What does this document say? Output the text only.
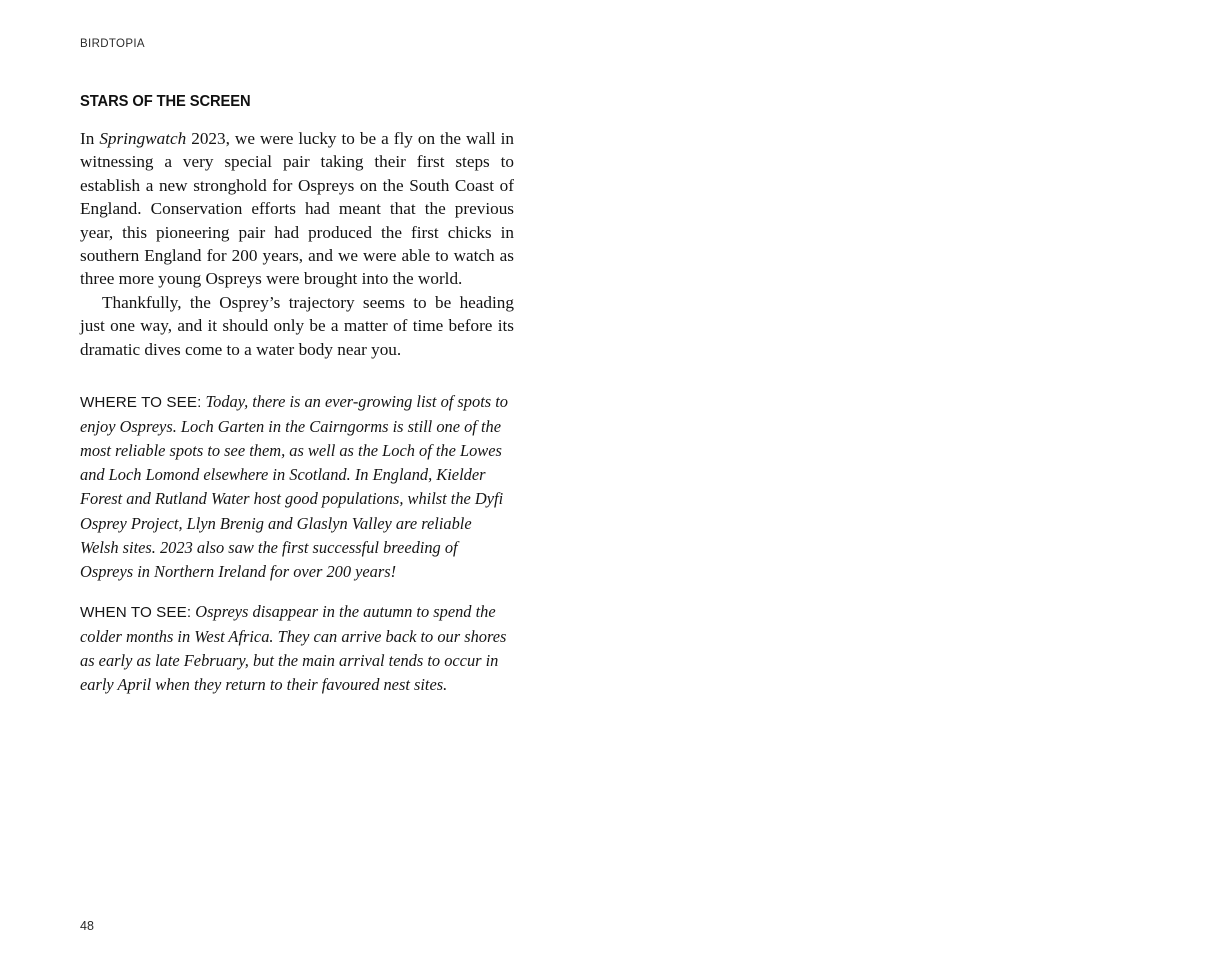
BIRDTOPIA
STARS OF THE SCREEN

In Springwatch 2023, we were lucky to be a fly on the wall in witnessing a very special pair taking their first steps to establish a new stronghold for Ospreys on the South Coast of England. Conservation efforts had meant that the previous year, this pioneering pair had produced the first chicks in southern England for 200 years, and we were able to watch as three more young Ospreys were brought into the world.

Thankfully, the Osprey’s trajectory seems to be heading just one way, and it should only be a matter of time before its dramatic dives come to a water body near you.

WHERE TO SEE: Today, there is an ever-growing list of spots to enjoy Ospreys. Loch Garten in the Cairngorms is still one of the most reliable spots to see them, as well as the Loch of the Lowes and Loch Lomond elsewhere in Scotland. In England, Kielder Forest and Rutland Water host good populations, whilst the Dyfi Osprey Project, Llyn Brenig and Glaslyn Valley are reliable Welsh sites. 2023 also saw the first successful breeding of Ospreys in Northern Ireland for over 200 years!

WHEN TO SEE: Ospreys disappear in the autumn to spend the colder months in West Africa. They can arrive back to our shores as early as late February, but the main arrival tends to occur in early April when they return to their favoured nest sites.

48
